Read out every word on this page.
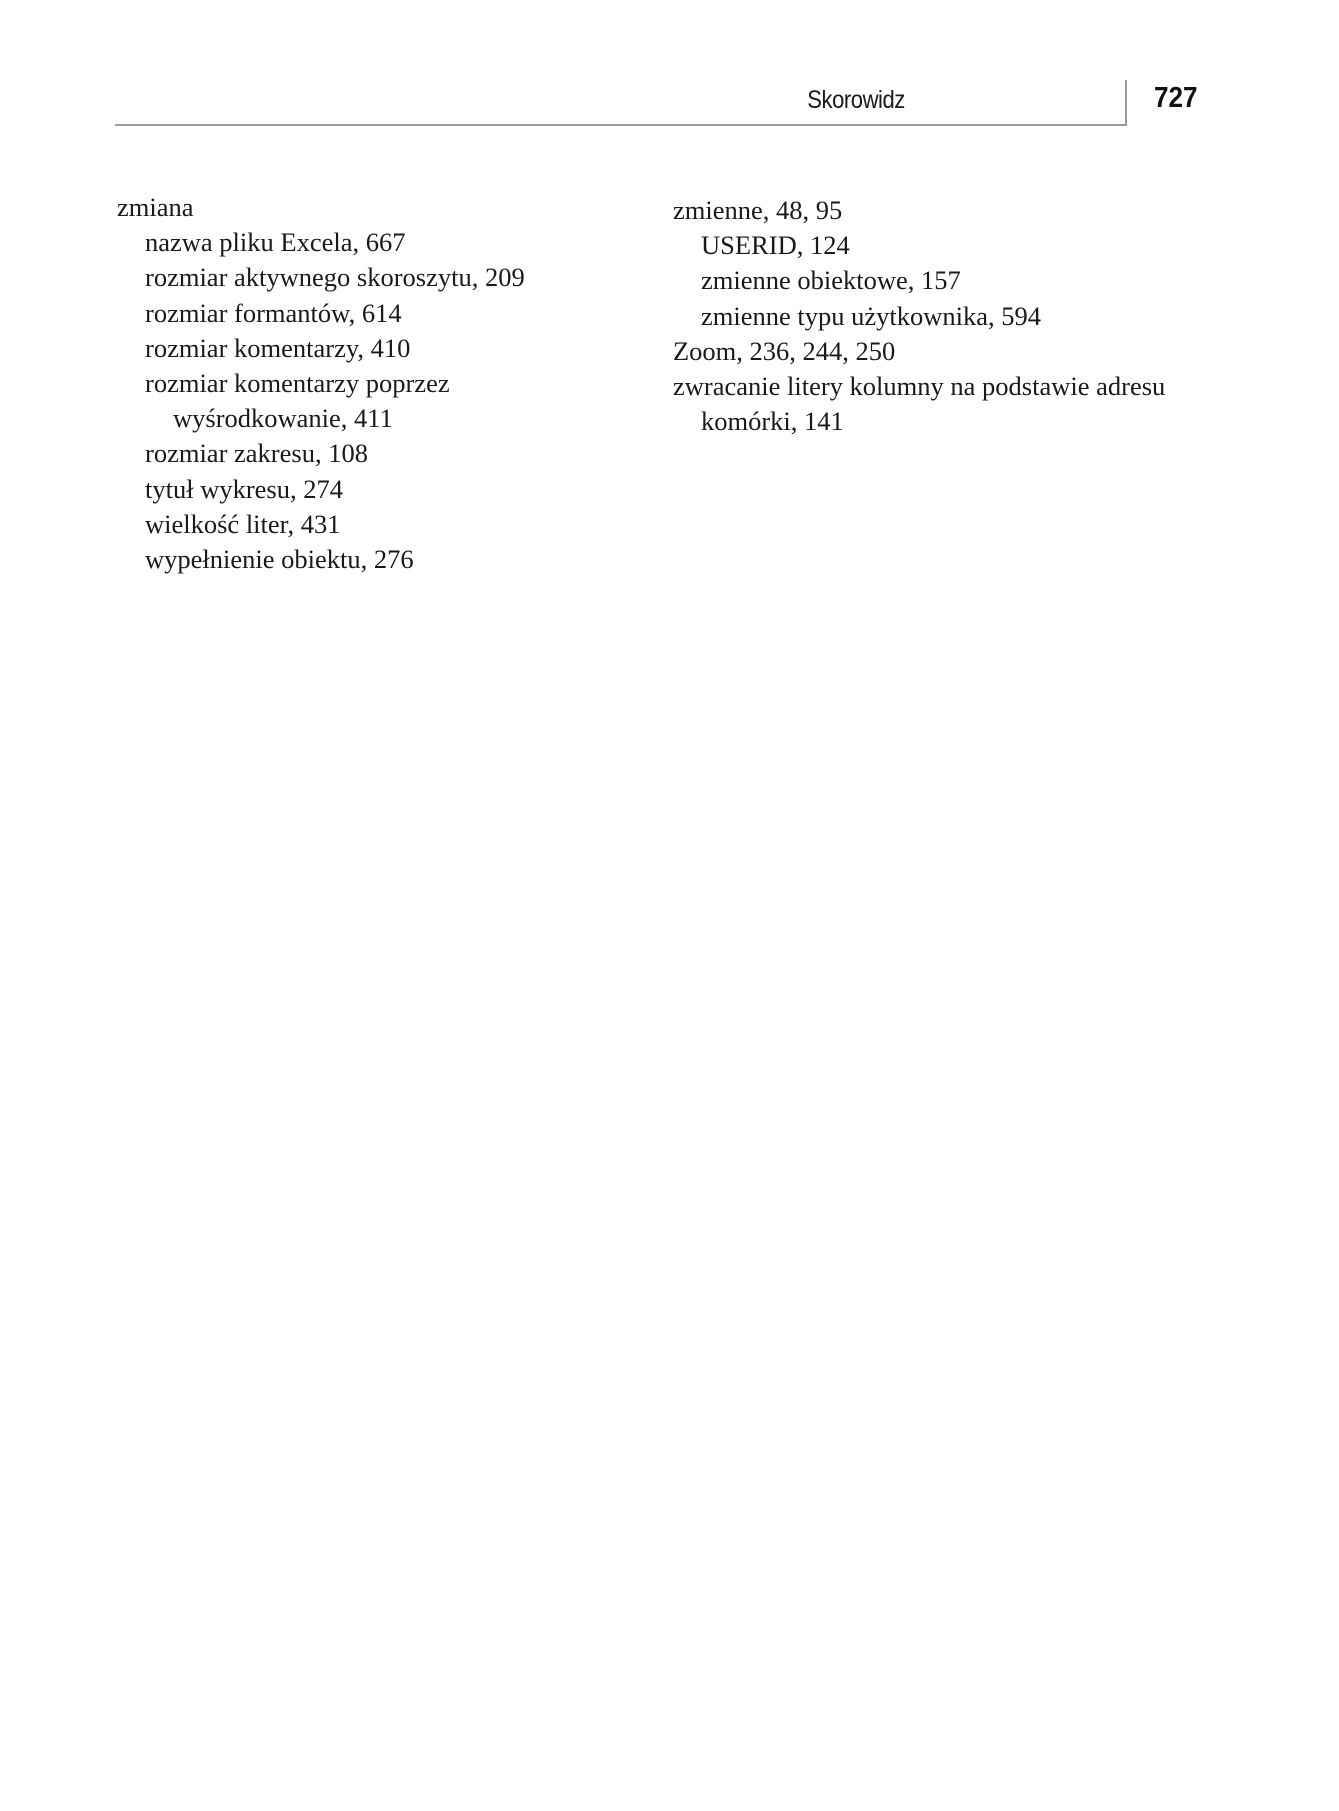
Skorowidz	727
zmiana
nazwa pliku Excela, 667
rozmiar aktywnego skoroszytu, 209
rozmiar formantów, 614
rozmiar komentarzy, 410
rozmiar komentarzy poprzez
wyśrodkowanie, 411
rozmiar zakresu, 108
tytuł wykresu, 274
wielkość liter, 431
wypełnienie obiektu, 276
zmienne, 48, 95
USERID, 124
zmienne obiektowe, 157
zmienne typu użytkownika, 594
Zoom, 236, 244, 250
zwracanie litery kolumny na podstawie adresu
komórki, 141
